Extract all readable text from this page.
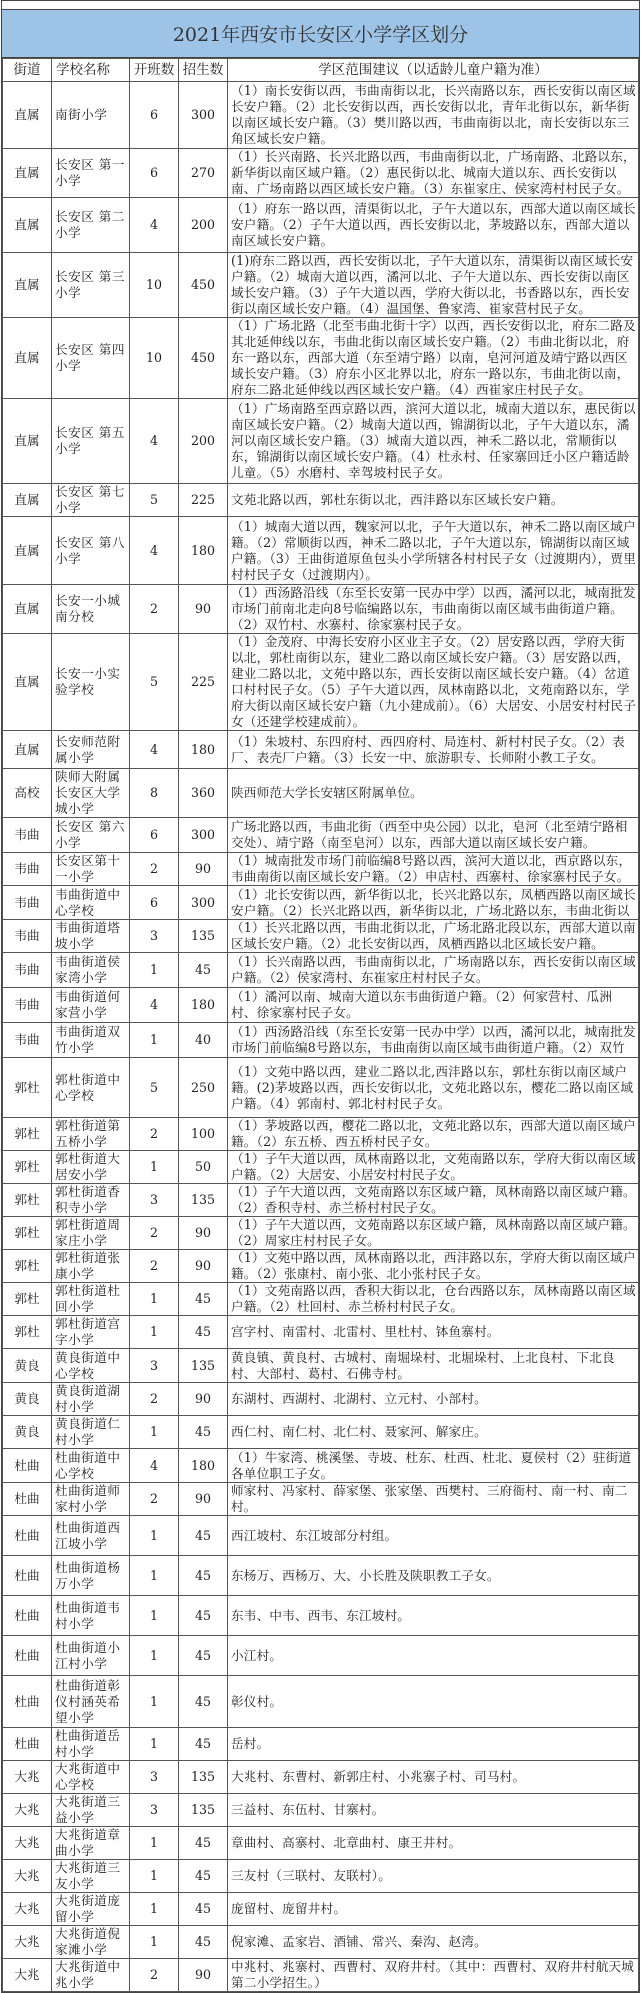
2021年西安市长安区小学学区划分
街道	学校名称	开班数	招生数	学区范围建议（以适龄儿童户籍为准）
直属	南街小学	6	300	（1）南长安街以西，韦曲南街以北，长兴南路以东，西长安街以南区域长安户籍。（2）北长安街以西，西长安街以北，青年北街以东，新华街以南区域长安户籍。（3）樊川路以西，韦曲南街以北，南长安街以东三角区域长安户籍。
直属	长安区 第一小学	6	270	（1）长兴南路、长兴北路以西，韦曲南街以北，广场南路、北路以东，新华街以南区域户籍。（2）惠民街以北、城南大道以东、西长安街以南、广场南路以西区域长安户籍。（3）东崔家庄、侯家湾村村民子女。
直属	长安区 第二小学	4	200	（1）府东一路以西，清渠街以北，子午大道以东，西部大道以南区域长安户籍。（2）子午大道以西，西长安街以北，茅坡路以东，西部大道以南区域长安户籍。
直属	长安区 第三小学	10	450	(1)府东二路以西，西长安街以北，子午大道以东，清渠街以南区域长安户籍。（2）城南大道以西，潏河以北、子午大道以东、西长安街以南区域长安户籍。（3）子午大道以西，学府大街以北，书香路以东，西长安街以南区域长安户籍。（4）温国堡、鲁家湾、崔家营村民子女。
直属	长安区 第四小学	10	450	（1）广场北路（北至韦曲北街十字）以西，西长安街以北，府东二路及其北延伸线以东，韦曲北街以南区域长安户籍。（2）韦曲北街以北，府东一路以东，西部大道（东至靖宁路）以南，皂河河道及靖宁路以西区域长安户籍。（3）府东小区北界以北，府东一路以东，韦曲北街以南，府东二路北延伸线以西区域长安户籍。（4）西崔家庄村民子女。
直属	长安区 第五小学	4	200	（1）广场南路至西京路以西，滨河大道以北，城南大道以东，惠民街以南区域长安户籍。（2）城南大道以西，锦湖街以北，子午大道以东，潏河以南区域长安户籍。（3）城南大道以西，神禾二路以北，常顺街以东，锦湖街以南区域长安户籍。（4）杜永村、任家寨回迁小区户籍适龄儿童。（5）水磨村、幸驾坡村民子女。
直属	长安区 第七小学	5	225	文苑北路以西，郭杜东街以北，西沣路以东区域长安户籍。
直属	长安区 第八小学	4	180	（1）城南大道以西，魏家河以北，子午大道以东，神禾二路以南区域户籍。（2）常顺街以西，神禾二路以北，子午大道以东，锦湖街以南区域户籍。（3）王曲街道原鱼包头小学所辖各村村民子女（过渡期内），贾里村村民子女（过渡期内）。
直属	长安一小城南分校	2	90	（1）西汤路沿线（东至长安第一民办中学）以西，潏河以北，城南批发市场门前南北走向8号临编路以东，韦曲南街以南区域韦曲街道户籍。（2）双竹村、水寨村、徐家寨村民子女。
直属	长安一小实验学校	5	225	（1）金茂府、中海长安府小区业主子女。（2）居安路以西，学府大街以北，郭杜南街以东，建业二路以南区域长安户籍。（3）居安路以西，建业二路以北，文苑中路以东，西长安街以南区域长安户籍。（4）岔道口村村民子女。（5）子午大道以西，凤林南路以北，文苑南路以东，学府大街以南区域长安户籍（九小建成前）。（6）大居安、小居安村村民子女（还建学校建成前）。
直属	长安师范附属小学	4	180	（1）朱坡村、东四府村、西四府村、局连村、新村村民子女。（2）表厂、表壳厂户籍。（3）长安一中、旅游职专、长师附小教工子女。
高校	陕师大附属长安区大学城小学	8	360	陕西师范大学长安辖区附属单位。
韦曲	长安区 第六小学	6	300	广场北路以西，韦曲北街（西至中央公园）以北，皂河（北至靖宁路相交处）、靖宁路（南至皂河）以东，西部大道以南区域长安户籍。
韦曲	长安区第十一小学	2	90	（1）城南批发市场门前临编8号路以西，滨河大道以北，西京路以东，韦曲南街以南区域长安户籍。（2）申店村、西寨村、徐家寨村民子女。
韦曲	韦曲街道中心学校	6	300	（1）北长安街以西，新华街以北，长兴北路以东，凤栖西路以南区域长安户籍。（2）长兴北路以西，新华街以北，广场北路以东，韦曲北街以
韦曲	韦曲街道塔坡小学	3	135	（1）长兴北路以西，韦曲北街以北，广场北路北段以东，西部大道以南区域长安户籍。（2）北长安街以西，凤栖西路以北区域长安户籍。
韦曲	韦曲街道侯家湾小学	1	45	（1）长兴南路以西，韦曲南街以北，广场南路以东，西长安街以南区域户籍。（2）侯家湾村、东崔家庄村村民子女。
韦曲	韦曲街道何家营小学	4	180	（1）潏河以南、城南大道以东韦曲街道户籍。（2）何家营村、瓜洲村、徐家寨村民子女。
韦曲	韦曲街道双竹小学	1	40	（1）西汤路沿线（东至长安第一民办中学）以西，潏河以北，城南批发市场门前临编8号路以东，韦曲南街以南区域韦曲街道户籍。（2）双竹
郭杜	郭杜街道中心学校	5	250	（1）文苑中路以西，建业二路以北,西沣路以东，郭杜东街以南区域户籍。(2)茅坡路以西，西长安街以北，文苑北路以东，樱花二路以南区域户籍。（4）郭南村、郭北村村民子女。
郭杜	郭杜街道第五桥小学	2	100	（1）茅坡路以西，樱花二路以北，文苑北路以东，西部大道以南区域户籍。（2）东五桥、西五桥村民子女。
郭杜	郭杜街道大居安小学	1	50	（1）子午大道以西，凤林南路以北，文苑南路以东，学府大街以南区域户籍。（2）大居安、小居安村村民子女。
郭杜	郭杜街道香积寺小学	3	135	（1）子午大道以西，文苑南路以东区域户籍，凤林南路以南区域户籍。（2）香积寺村、赤兰桥村村民子女。
郭杜	郭杜街道周家庄小学	2	90	（1）子午大道以西，文苑南路以东区域户籍，凤林南路以南区域户籍。（2）周家庄村村民子女。
郭杜	郭杜街道张康小学	2	90	（1）文苑中路以西，凤林南路以北，西沣路以东，学府大街以南区域户籍。（2）张康村、南小张、北小张村民子女。
郭杜	郭杜街道杜回小学	1	45	（1）文苑南路以西，香积大街以北，仓台西路以东，凤林南路以南区域户籍。（2）杜回村、赤兰桥村村民子女。
郭杜	郭杜街道宫字小学	1	45	宫字村、南雷村、北雷村、里杜村、钵鱼寨村。
黄良	黄良街道中心学校	3	135	黄良镇、黄良村、古城村、南堀垛村、北堀垛村、上北良村、下北良村、大部村、葛村、石佛寺村。
黄良	黄良街道湖村小学	2	90	东湖村、西湖村、北湖村、立元村、小部村。
黄良	黄良街道仁村小学	1	45	西仁村、南仁村、北仁村、聂家河、解家庄。
杜曲	杜曲街道中心学校	4	180	（1）牛家湾、桃溪堡、寺坡、杜东、杜西、杜北、夏侯村（2）驻街道各单位职工子女。
杜曲	杜曲街道师家村小学	2	90	师家村、冯家村、薛家堡、张家堡、西樊村、三府衙村、南一村、南二村。
杜曲	杜曲街道西江坡小学	1	45	西江坡村、东江坡部分村组。
杜曲	杜曲街道杨万小学	1	45	东杨万、西杨万、大、小长胜及陕职教工子女。
杜曲	杜曲街道韦村小学	1	45	东韦、中韦、西韦、东江坡村。
杜曲	杜曲街道小江村小学	1	45	小江村。
杜曲	杜曲街道彰仪村涵英希望小学	1	45	彰仪村。
杜曲	杜曲街道岳村小学	1	45	岳村。
大兆	大兆街道中心学校	3	135	大兆村、东曹村、新郭庄村、小兆寨子村、司马村。
大兆	大兆街道三益小学	3	135	三益村、东伍村、甘寨村。
大兆	大兆街道章曲小学	1	45	章曲村、高寨村、北章曲村、康王井村。
大兆	大兆街道三友小学	1	45	三友村（三联村、友联村）。
大兆	大兆街道庞留小学	1	45	庞留村、庞留井村。
大兆	大兆街道倪家滩小学	1	45	倪家滩、孟家岩、酒铺、常兴、秦沟、赵湾。
大兆	大兆街道中兆小学	2	90	中兆村、兆寨村、西曹村、双府井村。（其中：西曹村、双府井村航天城第二小学招生。）
